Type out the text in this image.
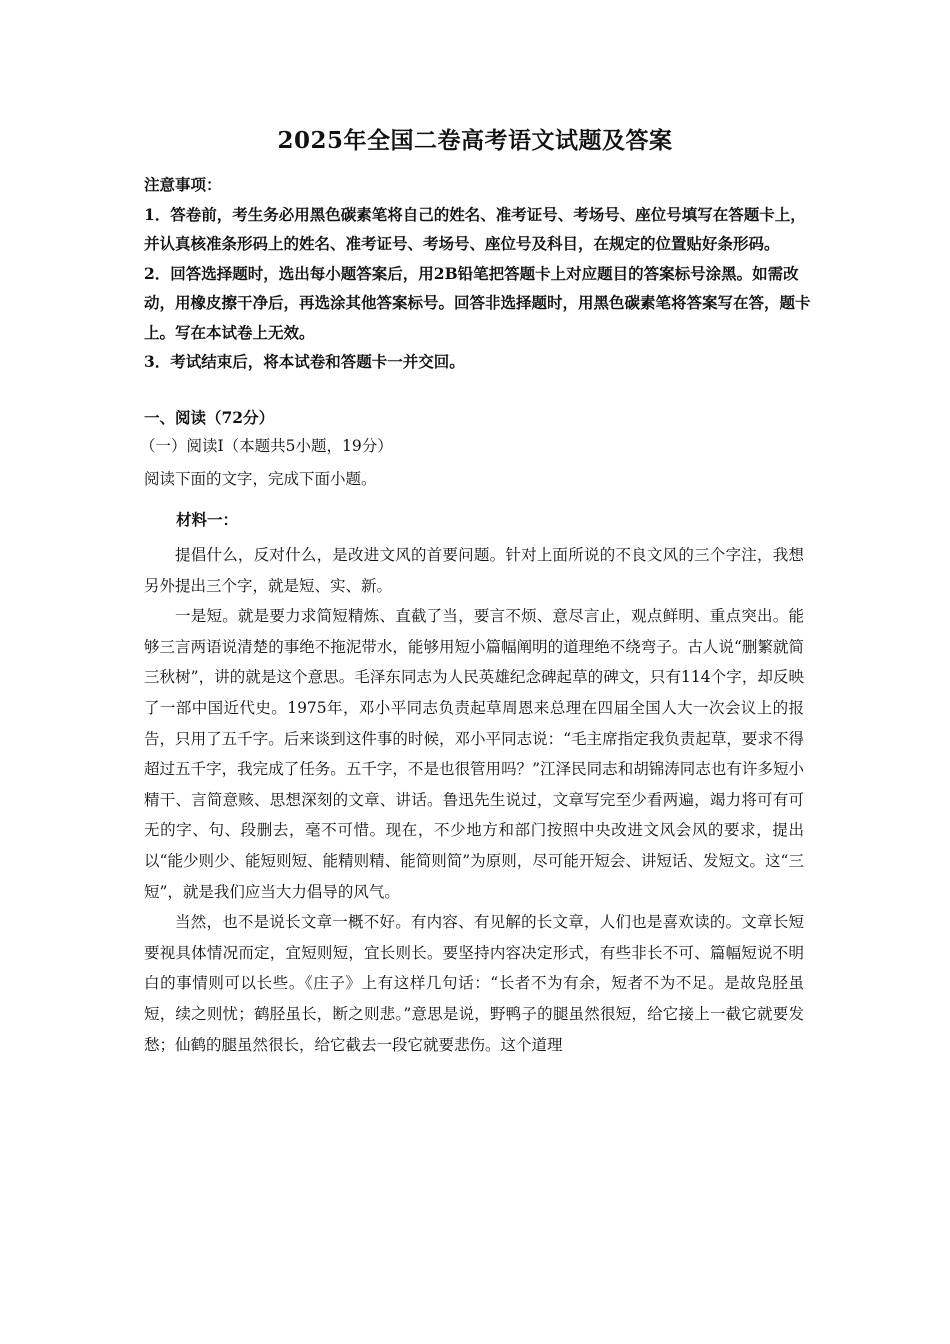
2025年全国二卷高考语文试题及答案

注意事项：

1．答卷前，考生务必用黑色碳素笔将自己的姓名、准考证号、考场号、座位号填写在答题卡上，并认真核准条形码上的姓名、准考证号、考场号、座位号及科目，在规定的位置贴好条形码。

2．回答选择题时，选出每小题答案后，用2B铅笔把答题卡上对应题目的答案标号涂黑。如需改动，用橡皮擦干净后，再选涂其他答案标号。回答非选择题时，用黑色碳素笔将答案写在答，题卡上。写在本试卷上无效。

3．考试结束后，将本试卷和答题卡一并交回。

一、阅读（72分）
（一）阅读Ⅰ（本题共5小题，19分）
阅读下面的文字，完成下面小题。
材料一：

提倡什么，反对什么，是改进文风的首要问题。针对上面所说的不良文风的三个字注，我想另外提出三个字，就是短、实、新。

一是短。就是要力求简短精炼、直截了当，要言不烦、意尽言止，观点鲜明、重点突出。能够三言两语说清楚的事绝不拖泥带水，能够用短小篇幅阐明的道理绝不绕弯子。古人说“删繁就简三秋树”，讲的就是这个意思。毛泽东同志为人民英雄纪念碑起草的碑文，只有114个字，却反映了一部中国近代史。1975年，邓小平同志负责起草周恩来总理在四届全国人大一次会议上的报告，只用了五千字。后来谈到这件事的时候，邓小平同志说：“毛主席指定我负责起草，要求不得超过五千字，我完成了任务。五千字，不是也很管用吗？”江泽民同志和胡锦涛同志也有许多短小精干、言简意赅、思想深刻的文章、讲话。鲁迅先生说过，文章写完至少看两遍，竭力将可有可无的字、句、段删去，毫不可惜。现在，不少地方和部门按照中央改进文风会风的要求，提出以“能少则少、能短则短、能精则精、能简则简”为原则，尽可能开短会、讲短话、发短文。这“三短”，就是我们应当大力倡导的风气。

当然，也不是说长文章一概不好。有内容、有见解的长文章，人们也是喜欢读的。文章长短要视具体情况而定，宜短则短，宜长则长。要坚持内容决定形式，有些非长不可、篇幅短说不明白的事情则可以长些。《庄子》上有这样几句话：“长者不为有余，短者不为不足。是故凫胫虽短，续之则忧；鹤胫虽长，断之则悲。”意思是说，野鸭子的腿虽然很短，给它接上一截它就要发愁；仙鹤的腿虽然很长，给它截去一段它就要悲伤。这个道理
